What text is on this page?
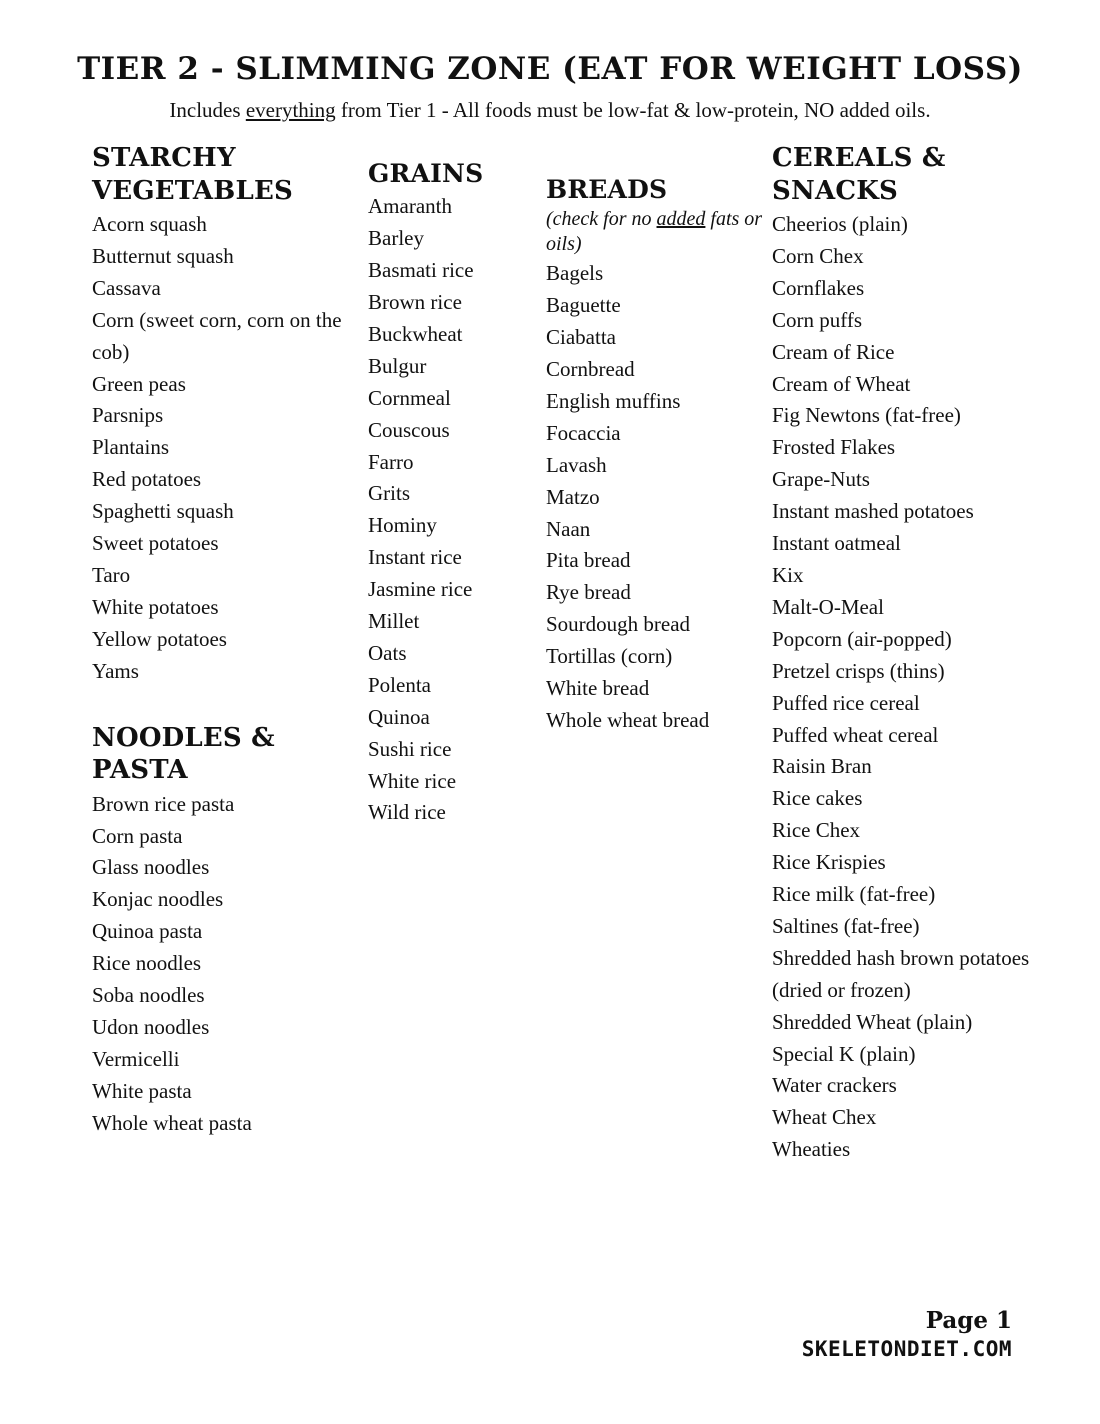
TIER 2 - SLIMMING ZONE (EAT FOR WEIGHT LOSS)
Includes everything from Tier 1 - All foods must be low-fat & low-protein, NO added oils.
STARCHY VEGETABLES
Acorn squash
Butternut squash
Cassava
Corn (sweet corn, corn on the cob)
Green peas
Parsnips
Plantains
Red potatoes
Spaghetti squash
Sweet potatoes
Taro
White potatoes
Yellow potatoes
Yams
NOODLES & PASTA
Brown rice pasta
Corn pasta
Glass noodles
Konjac noodles
Quinoa pasta
Rice noodles
Soba noodles
Udon noodles
Vermicelli
White pasta
Whole wheat pasta
GRAINS
Amaranth
Barley
Basmati rice
Brown rice
Buckwheat
Bulgur
Cornmeal
Couscous
Farro
Grits
Hominy
Instant rice
Jasmine rice
Millet
Oats
Polenta
Quinoa
Sushi rice
White rice
Wild rice
BREADS
(check for no added fats or oils)
Bagels
Baguette
Ciabatta
Cornbread
English muffins
Focaccia
Lavash
Matzo
Naan
Pita bread
Rye bread
Sourdough bread
Tortillas (corn)
White bread
Whole wheat bread
CEREALS & SNACKS
Cheerios (plain)
Corn Chex
Cornflakes
Corn puffs
Cream of Rice
Cream of Wheat
Fig Newtons (fat-free)
Frosted Flakes
Grape-Nuts
Instant mashed potatoes
Instant oatmeal
Kix
Malt-O-Meal
Popcorn (air-popped)
Pretzel crisps (thins)
Puffed rice cereal
Puffed wheat cereal
Raisin Bran
Rice cakes
Rice Chex
Rice Krispies
Rice milk (fat-free)
Saltines (fat-free)
Shredded hash brown potatoes (dried or frozen)
Shredded Wheat (plain)
Special K (plain)
Water crackers
Wheat Chex
Wheaties
Page 1
SKELETONDIET.COM
